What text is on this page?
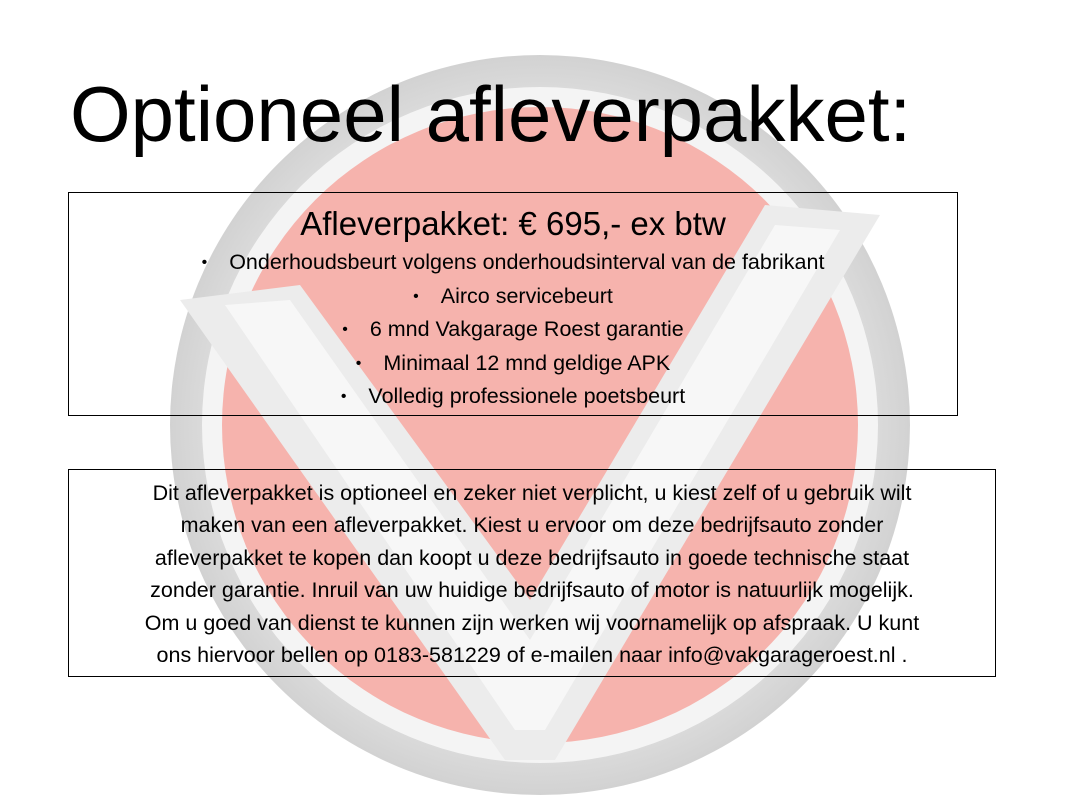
Optioneel afleverpakket:
Afleverpakket: € 695,- ex btw
• Onderhoudsbeurt volgens onderhoudsinterval van de fabrikant
• Airco servicebeurt
• 6 mnd Vakgarage Roest garantie
• Minimaal 12 mnd geldige APK
• Volledig professionele poetsbeurt

Dit afleverpakket is optioneel en zeker niet verplicht, u kiest zelf of u gebruik wilt
maken van een afleverpakket. Kiest u ervoor om deze bedrijfsauto zonder
afleverpakket te kopen dan koopt u deze bedrijfsauto in goede technische staat
zonder garantie. Inruil van uw huidige bedrijfsauto of motor is natuurlijk mogelijk.
Om u goed van dienst te kunnen zijn werken wij voornamelijk op afspraak. U kunt
ons hiervoor bellen op 0183-581229 of e-mailen naar info@vakgarageroest.nl .
